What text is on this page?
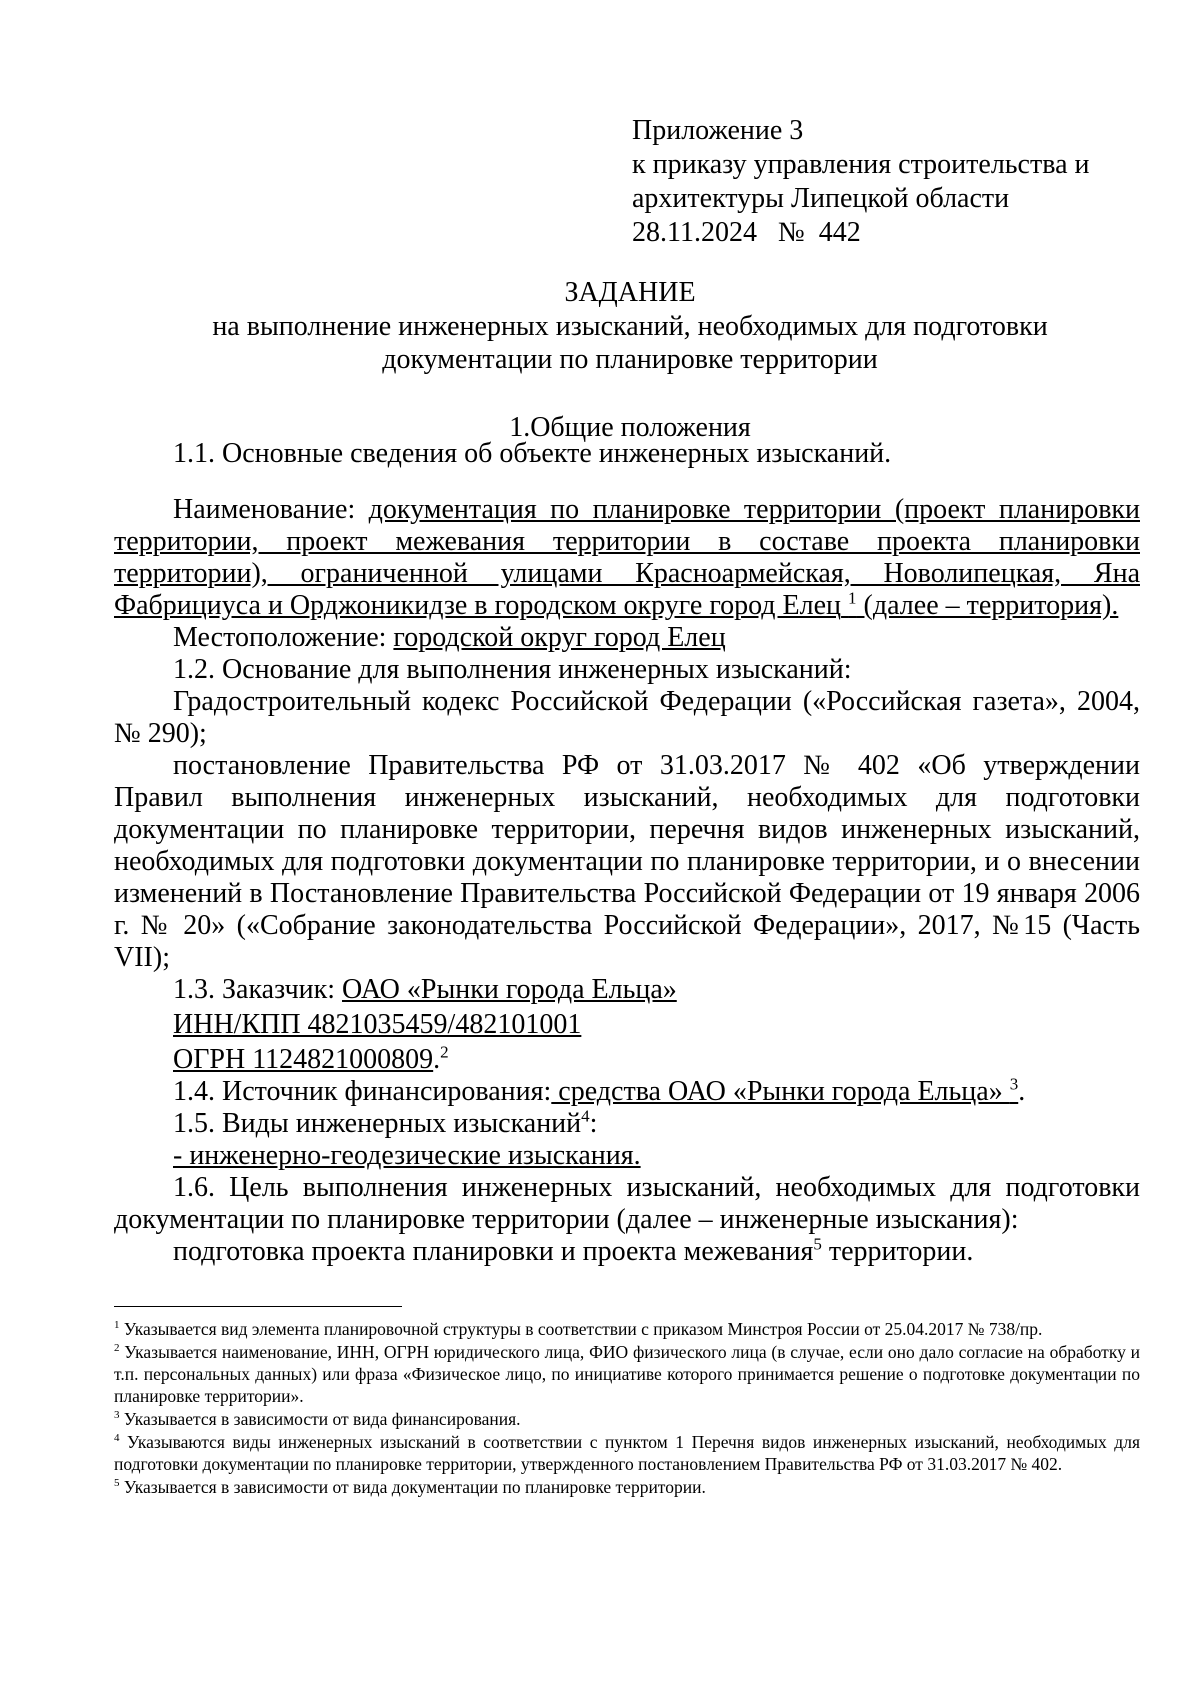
Приложение 3
к приказу управления строительства и
архитектуры Липецкой области
28.11.2024 № 442
ЗАДАНИЕ
на выполнение инженерных изысканий, необходимых для подготовки
документации по планировке территории
1.Общие положения

1.1. Основные сведения об объекте инженерных изысканий.

Наименование: документация по планировке территории (проект планировки территории, проект межевания территории в составе проекта планировки территории), ограниченной улицами Красноармейская, Новолипецкая, Яна Фабрициуса и Орджоникидзе в городском округе город Елец $^1$ (далее – территория).

Местоположение: городской округ город Елец

1.2. Основание для выполнения инженерных изысканий:

Градостроительный кодекс Российской Федерации («Российская газета», 2004, № 290);

постановление Правительства РФ от 31.03.2017 № 402 «Об утверждении Правил выполнения инженерных изысканий, необходимых для подготовки документации по планировке территории, перечня видов инженерных изысканий, необходимых для подготовки документации по планировке территории, и о внесении изменений в Постановление Правительства Российской Федерации от 19 января 2006 г. № 20» («Собрание законодательства Российской Федерации», 2017, №15 (Часть VII);

1.3. Заказчик: ОАО «Рынки города Ельца»

ИНН/КПП 4821035459/482101001

ОГРН 1124821000809.$^2$

1.4. Источник финансирования: средства ОАО «Рынки города Ельца» $^3$.

1.5. Виды инженерных изысканий$^4$:

- инженерно-геодезические изыскания.

1.6. Цель выполнения инженерных изысканий, необходимых для подготовки документации по планировке территории (далее – инженерные изыскания):

подготовка проекта планировки и проекта межевания$^5$ территории.

$^1$ Указывается вид элемента планировочной структуры в соответствии с приказом Минстроя России от 25.04.2017 № 738/пр.

$^2$ Указывается наименование, ИНН, ОГРН юридического лица, ФИО физического лица (в случае, если оно дало согласие на обработку и т.п. персональных данных) или фраза «Физическое лицо, по инициативе которого принимается решение о подготовке документации по планировке территории».

$^3$ Указывается в зависимости от вида финансирования.

$^4$ Указываются виды инженерных изысканий в соответствии с пунктом 1 Перечня видов инженерных изысканий, необходимых для подготовки документации по планировке территории, утвержденного постановлением Правительства РФ от 31.03.2017 № 402.

$^5$ Указывается в зависимости от вида документации по планировке территории.
